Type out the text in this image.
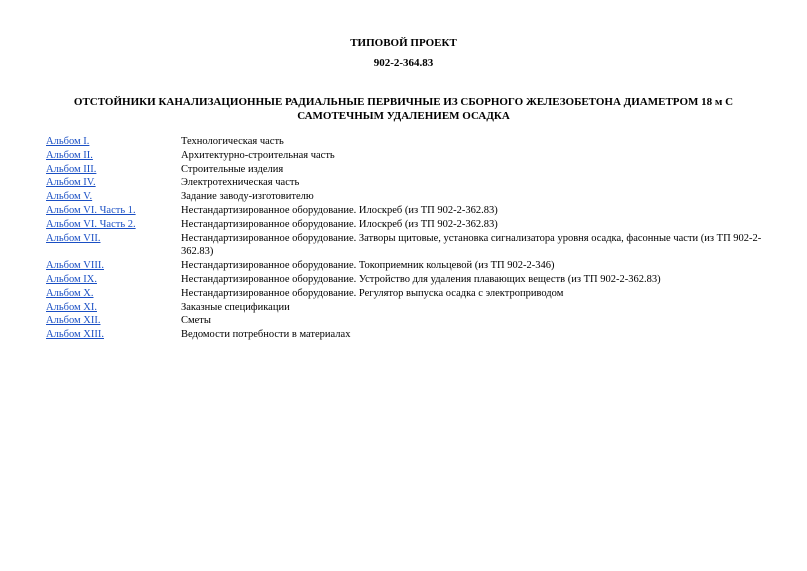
ТИПОВОЙ ПРОЕКТ
902-2-364.83
ОТСТОЙНИКИ КАНАЛИЗАЦИОННЫЕ РАДИАЛЬНЫЕ ПЕРВИЧНЫЕ ИЗ СБОРНОГО ЖЕЛЕЗОБЕТОНА ДИАМЕТРОМ 18 м С САМОТЕЧНЫМ УДАЛЕНИЕМ ОСАДКА
Альбом I.	Технологическая часть
Альбом II.	Архитектурно-строительная часть
Альбом III.	Строительные изделия
Альбом IV.	Электротехническая часть
Альбом V.	Задание заводу-изготовителю
Альбом VI. Часть 1.	Нестандартизированное оборудование. Илоскреб (из ТП 902-2-362.83)
Альбом VI. Часть 2.	Нестандартизированное оборудование. Илоскреб (из ТП 902-2-362.83)
Альбом VII.	Нестандартизированное оборудование. Затворы щитовые, установка сигнализатора уровня осадка, фасонные части (из ТП 902-2-362.83)
Альбом VIII.	Нестандартизированное оборудование. Токоприемник кольцевой (из ТП 902-2-346)
Альбом IX.	Нестандартизированное оборудование. Устройство для удаления плавающих веществ (из ТП 902-2-362.83)
Альбом X.	Нестандартизированное оборудование. Регулятор выпуска осадка с электроприводом
Альбом XI.	Заказные спецификации
Альбом XII.	Сметы
Альбом XIII.	Ведомости потребности в материалах
